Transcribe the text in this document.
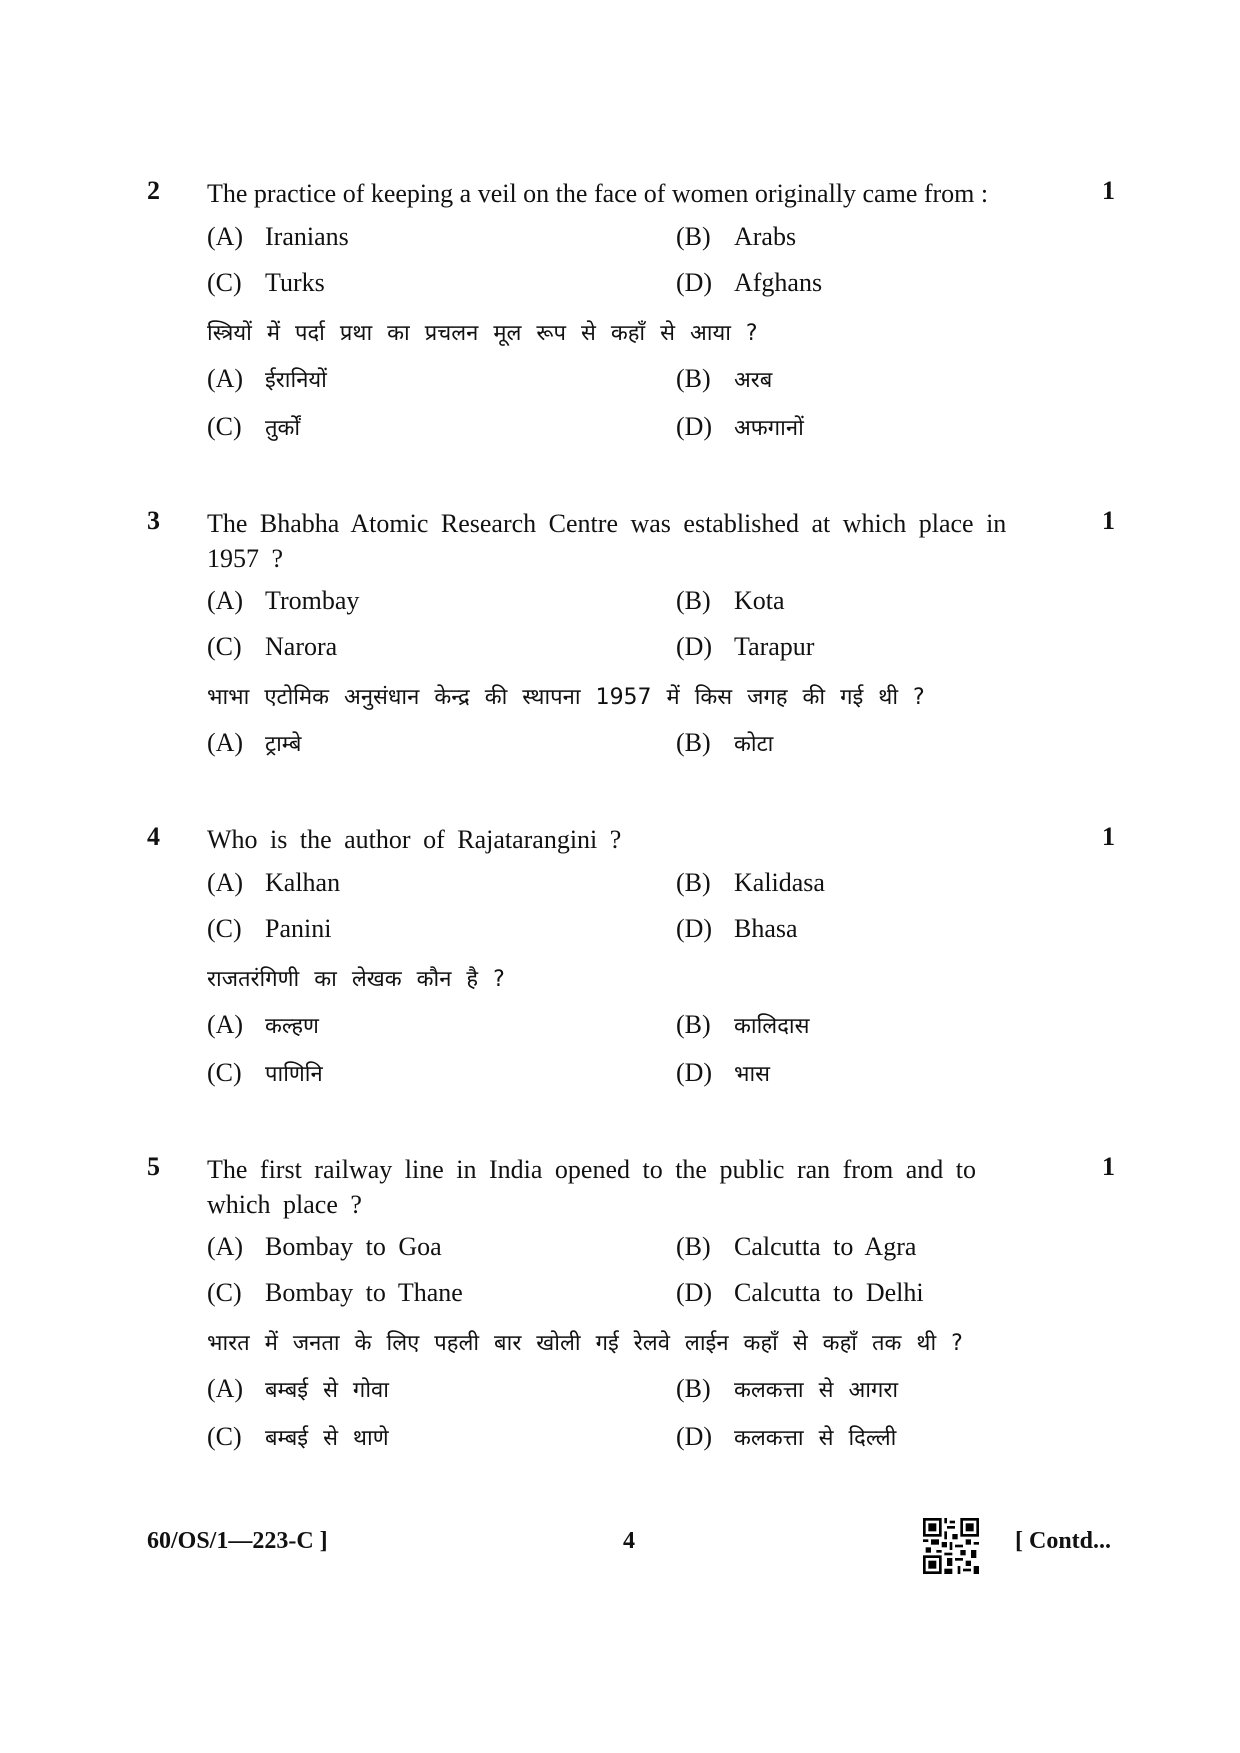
2 The practice of keeping a veil on the face of women originally came from :	1
(A) Iranians	(B) Arabs
(C) Turks	(D) Afghans
स्त्रियों में पर्दा प्रथा का प्रचलन मूल रूप से कहाँ से आया ?
(A) ईरानियों	(B) अरब
(C) तुर्कों	(D) अफगानों
3 The Bhabha Atomic Research Centre was established at which place in 1957 ?
1
(A) Trombay	(B) Kota
(C) Narora	(D) Tarapur
भाभा एटोमिक अनुसंधान केन्द्र की स्थापना 1957 में किस जगह की गई थी ?
(A) ट्राम्बे	(B) कोटा
4 Who is the author of Rajatarangini ?	1
(A) Kalhan	(B) Kalidasa
(C) Panini	(D) Bhasa
राजतरंगिणी का लेखक कौन है ?
(A) कल्हण	(B) कालिदास
(C) पाणिनि	(D) भास
5 The first railway line in India opened to the public ran from and to which place ?
1
(A) Bombay to Goa	(B) Calcutta to Agra
(C) Bombay to Thane	(D) Calcutta to Delhi
भारत में जनता के लिए पहली बार खोली गई रेलवे लाईन कहाँ से कहाँ तक थी ?
(A) बम्बई से गोवा	(B) कलकत्ता से आगरा
(C) बम्बई से थाणे	(D) कलकत्ता से दिल्ली
60/OS/1—223-C ]	4	[ Contd...
